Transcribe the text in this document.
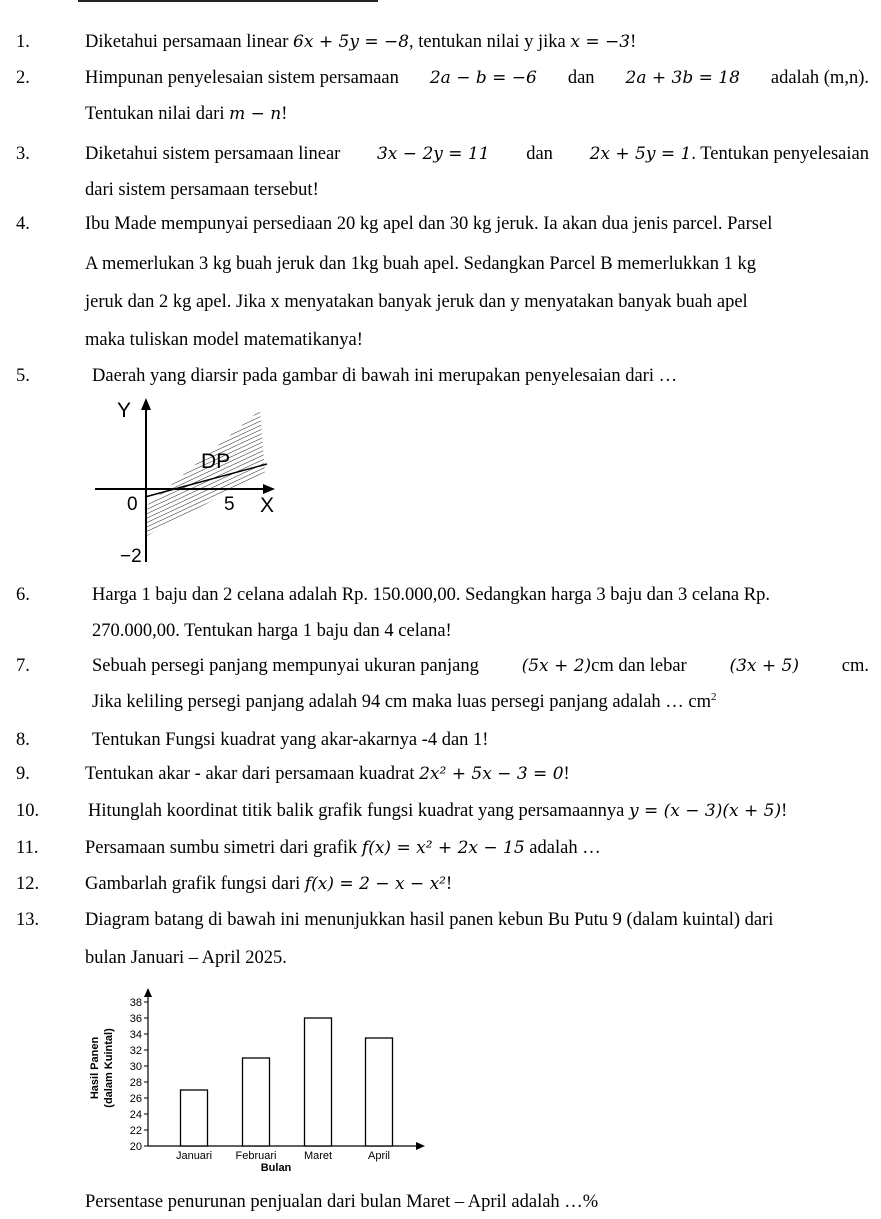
1.	Diketahui persamaan linear 6x + 5y = −8, tentukan nilai y jika x = −3!
2.	Himpunan penyelesaian sistem persamaan 2a − b = −6 dan 2a + 3b = 18 adalah (m,n).
Tentukan nilai dari m − n!
3.	Diketahui sistem persamaan linear 3x − 2y = 11 dan 2x + 5y = 1. Tentukan penyelesaian
dari sistem persamaan tersebut!
4.	Ibu Made mempunyai persediaan 20 kg apel dan 30 kg jeruk. Ia akan dua jenis parcel. Parsel
A memerlukan 3 kg buah jeruk dan 1kg buah apel. Sedangkan Parcel B memerlukkan 1 kg
jeruk dan 2 kg apel. Jika x menyatakan banyak jeruk dan y menyatakan banyak buah apel
maka tuliskan model matematikanya!
5.	Daerah yang diarsir pada gambar di bawah ini merupakan penyelesaian dari …
Y
DP
0	5 X
−2
6.	Harga 1 baju dan 2 celana adalah Rp. 150.000,00. Sedangkan harga 3 baju dan 3 celana Rp.
270.000,00. Tentukan harga 1 baju dan 4 celana!
7.	Sebuah persegi panjang mempunyai ukuran panjang	(5x + 2)cm dan lebar	(3x + 5) cm.
Jika keliling persegi panjang adalah 94 cm maka luas persegi panjang adalah … $cm^2$
8.	Tentukan Fungsi kuadrat yang akar-akarnya -4 dan 1!
9.	Tentukan akar - akar dari persamaan kuadrat 2x² + 5x − 3 = 0!
10.	Hitunglah koordinat titik balik grafik fungsi kuadrat yang persamaannya y = (x − 3)(x + 5)!
11.	Persamaan sumbu simetri dari grafik f(x) = x² + 2x − 15 adalah …
12. Gambarlah grafik fungsi dari f(x) = 2 − x − x²!
13. Diagram batang di bawah ini menunjukkan hasil panen kebun Bu Putu 9 (dalam kuintal) dari
bulan Januari – April 2025.
20
22
24
26
28
30
32
34
36
38
Januari Februari Maret	April
Bulan
Hasil Panen (dalam Kuintal)
Persentase penurunan penjualan dari bulan Maret – April adalah …%
